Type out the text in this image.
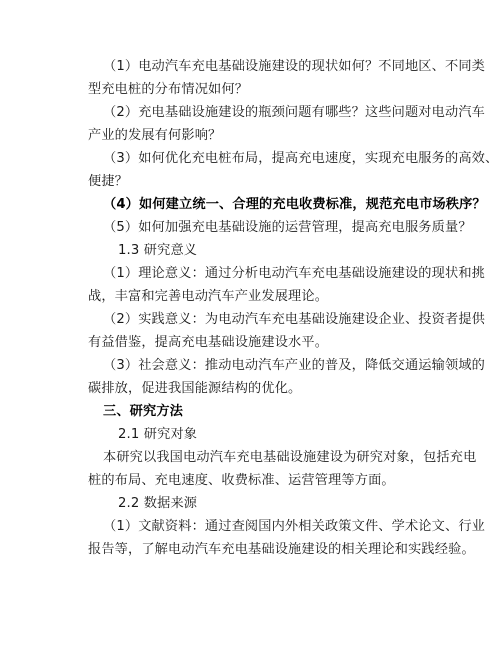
（1）电动汽车充电基础设施建设的现状如何？不同地区、不同类
型充电桩的分布情况如何？
（2）充电基础设施建设的瓶颈问题有哪些？这些问题对电动汽车
产业的发展有何影响？
（3）如何优化充电桩布局，提高充电速度，实现充电服务的高效、
便捷？
（4）如何建立统一、合理的充电收费标准，规范充电市场秩序？
（5）如何加强充电基础设施的运营管理，提高充电服务质量？
1.3 研究意义
（1）理论意义：通过分析电动汽车充电基础设施建设的现状和挑
战，丰富和完善电动汽车产业发展理论。
（2）实践意义：为电动汽车充电基础设施建设企业、投资者提供
有益借鉴，提高充电基础设施建设水平。
（3）社会意义：推动电动汽车产业的普及，降低交通运输领域的
碳排放，促进我国能源结构的优化。
三、研究方法
2.1 研究对象
本研究以我国电动汽车充电基础设施建设为研究对象，包括充电
桩的布局、充电速度、收费标准、运营管理等方面。
2.2 数据来源
（1）文献资料：通过查阅国内外相关政策文件、学术论文、行业
报告等，了解电动汽车充电基础设施建设的相关理论和实践经验。
